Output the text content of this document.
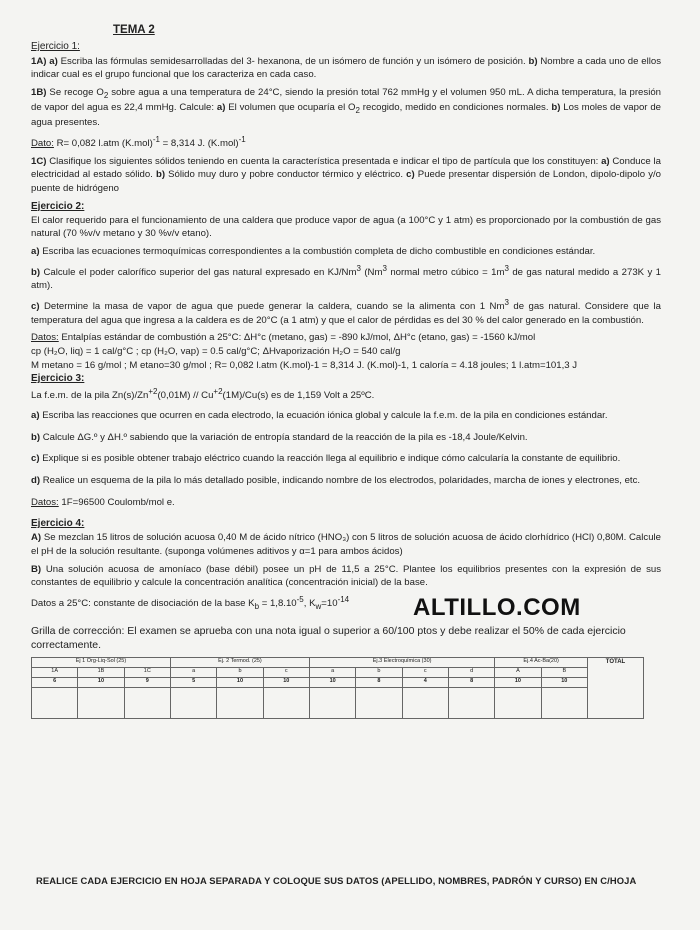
TEMA 2
Ejercicio 1:

1A) a) Escriba las fórmulas semidesarrolladas del 3- hexanona, de un isómero de función y un isómero de posición. b) Nombre a cada uno de ellos indicar cual es el grupo funcional que los caracteriza en cada caso.

1B) Se recoge $O_2$ sobre agua a una temperatura de 24°C, siendo la presión total 762 mmHg y el volumen 950 mL. A dicha temperatura, la presión de vapor del agua es 22,4 mmHg. Calcule: a) El volumen que ocuparía el $O_2$ recogido, medido en condiciones normales. b) Los moles de vapor de agua presentes.

Dato: R= 0,082 l.atm $(K.mol)^{-1} = 8,314$ J. $(K.mol)^{-1}$

1C) Clasifique los siguientes sólidos teniendo en cuenta la característica presentada e indicar el tipo de partícula que los constituyen: a) Conduce la electricidad al estado sólido. b) Sólido muy duro y pobre conductor térmico y eléctrico. c) Puede presentar dispersión de London, dipolo-dipolo y/o puente de hidrógeno

Ejercicio 2:

El calor requerido para el funcionamiento de una caldera que produce vapor de agua (a 100°C y 1 atm) es proporcionado por la combustión de gas natural (70 %v/v metano y 30 %v/v etano).

a) Escriba las ecuaciones termoquímicas correspondientes a la combustión completa de dicho combustible en condiciones estándar.

b) Calcule el poder calorífico superior del gas natural expresado en KJ/Nm$^3$ (Nm$^3$ normal metro cúbico = $1m^3$ de gas natural medido a 273K y 1 atm).

c) Determine la masa de vapor de agua que puede generar la caldera, cuando se la alimenta con 1 Nm$^3$ de gas natural. Considere que la temperatura del agua que ingresa a la caldera es de 20°C (a 1 atm) y que el calor de pérdidas es del 30 % del calor generado en la combustión.

Datos: Entalpías estándar de combustión a 25°C: ΔH°c (metano, gas) = -890 kJ/mol, ΔH°c (etano, gas) = -1560 kJ/mol
cp (H₂O, liq) = 1 cal/g°C ; cp (H₂O, vap) = 0.5 cal/g°C; ΔHvaporización H₂O = 540 cal/g
M metano = 16 g/mol ; M etano=30 g/mol ; R= 0,082 l.atm (K.mol)-1 = 8,314 J. (K.mol)-1, 1 caloría = 4.18 joules; 1 l.atm=101,3 J
Ejercicio 3:

La f.e.m. de la pila $Zn(s)/Zn^{+2}(0,01M) // Cu^{+2}(1M)/Cu(s)$ es de 1,159 Volt a 25ºC.

a) Escriba las reacciones que ocurren en cada electrodo, la ecuación iónica global y calcule la f.e.m. de la pila en condiciones estándar.

b) Calcule ΔG.º y ΔH.º sabiendo que la variación de entropía standard de la reacción de la pila es -18,4 Joule/Kelvin.

c) Explique si es posible obtener trabajo eléctrico cuando la reacción llega al equilibrio e indique cómo calcularía la constante de equilibrio.

d) Realice un esquema de la pila lo más detallado posible, indicando nombre de los electrodos, polaridades, marcha de iones y electrones, etc.

Datos: 1F=96500 Coulomb/mol e.

Ejercicio 4:

A) Se mezclan 15 litros de solución acuosa 0,40 M de ácido nítrico (HNO₃) con 5 litros de solución acuosa de ácido clorhídrico (HCl) 0,80M. Calcule el pH de la solución resultante. (suponga volúmenes aditivos y α=1 para ambos ácidos)

B) Una solución acuosa de amoníaco (base débil) posee un pH de 11,5 a 25°C. Plantee los equilibrios presentes con la expresión de sus constantes de equilibrio y calcule la concentración analítica (concentración inicial) de la base.

Datos a 25°C: constante de disociación de la base $K_b = 1,8.10^{-5}$, $K_w=10^{-14}$

Grilla de corrección: El examen se aprueba con una nota igual o superior a 60/100 ptos y debe realizar el 50% de cada ejercicio correctamente.
Ej 1 Org-Liq-Sol (25)			Ej. 2 Termod. (25)			Ej.3 Electroquímica (30)				Ej.4 Ac-Ba(20)		TOTAL
1A	1B	1C	a	b	c	a	b	c	d	A	B	
6	10	9	5	10	10	10	8	4	8	10	10	

ALTILLO.COM
REALICE CADA EJERCICIO EN HOJA SEPARADA Y COLOQUE SUS DATOS (APELLIDO, NOMBRES, PADRÓN Y CURSO) EN C/HOJA
